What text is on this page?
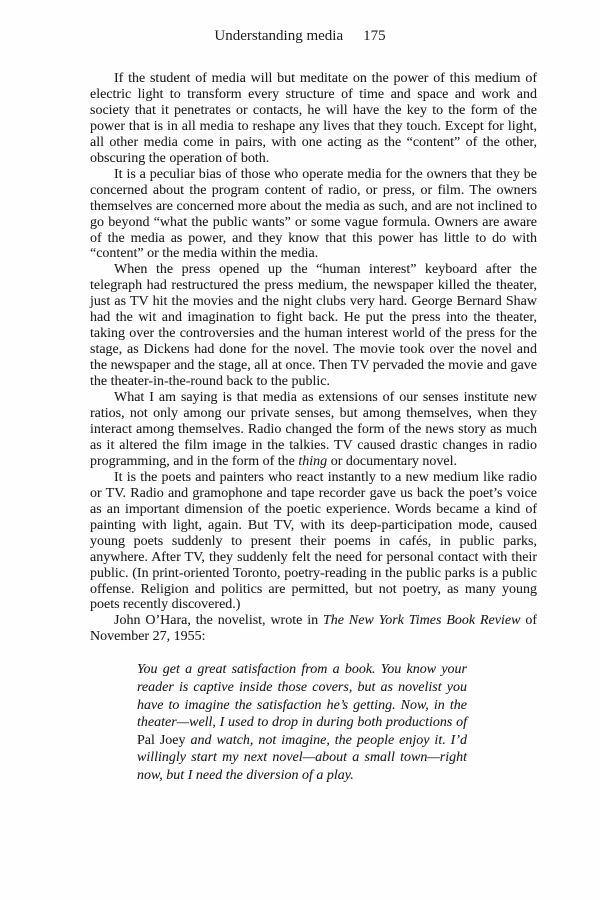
Understanding media 175

If the student of media will but meditate on the power of this medium of electric light to transform every structure of time and space and work and society that it penetrates or contacts, he will have the key to the form of the power that is in all media to reshape any lives that they touch. Except for light, all other media come in pairs, with one acting as the “content” of the other, obscuring the operation of both.

It is a peculiar bias of those who operate media for the owners that they be concerned about the program content of radio, or press, or film. The owners themselves are concerned more about the media as such, and are not inclined to go beyond “what the public wants” or some vague formula. Owners are aware of the media as power, and they know that this power has little to do with “content” or the media within the media.

When the press opened up the “human interest” keyboard after the telegraph had restructured the press medium, the newspaper killed the theater, just as TV hit the movies and the night clubs very hard. George Bernard Shaw had the wit and imagination to fight back. He put the press into the theater, taking over the controversies and the human interest world of the press for the stage, as Dickens had done for the novel. The movie took over the novel and the newspaper and the stage, all at once. Then TV pervaded the movie and gave the theater-in-the-round back to the public.

What I am saying is that media as extensions of our senses institute new ratios, not only among our private senses, but among themselves, when they interact among themselves. Radio changed the form of the news story as much as it altered the film image in the talkies. TV caused drastic changes in radio programming, and in the form of the thing or documentary novel.

It is the poets and painters who react instantly to a new medium like radio or TV. Radio and gramophone and tape recorder gave us back the poet’s voice as an important dimension of the poetic experience. Words became a kind of painting with light, again. But TV, with its deep-participation mode, caused young poets suddenly to present their poems in cafés, in public parks, anywhere. After TV, they suddenly felt the need for personal contact with their public. (In print-oriented Toronto, poetry-reading in the public parks is a public offense. Religion and politics are permitted, but not poetry, as many young poets recently discovered.)

John O’Hara, the novelist, wrote in The New York Times Book Review of November 27, 1955:

You get a great satisfaction from a book. You know your reader is captive inside those covers, but as novelist you have to imagine the satisfaction he’s getting. Now, in the theater—well, I used to drop in during both productions of Pal Joey and watch, not imagine, the people enjoy it. I’d willingly start my next novel—about a small town—right now, but I need the diversion of a play.
